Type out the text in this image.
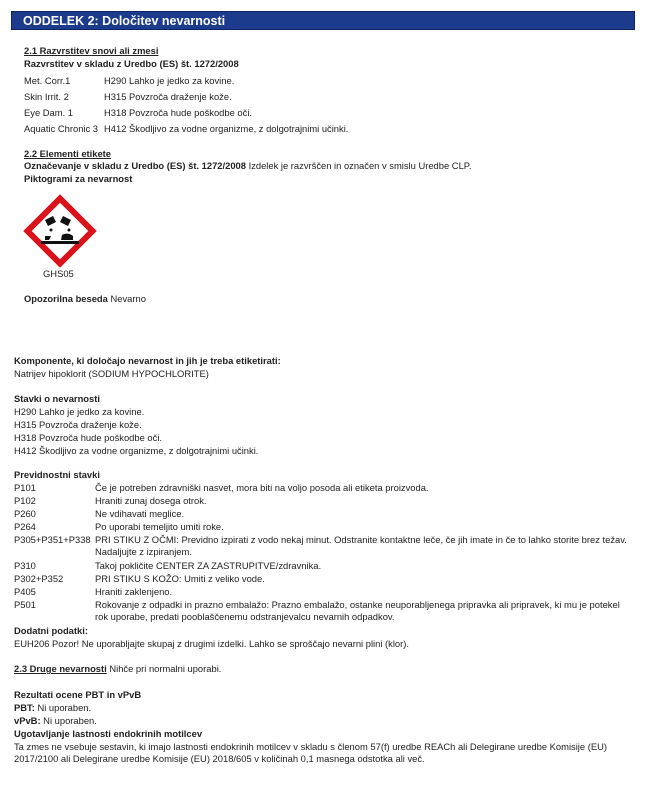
ODDELEK 2: Določitev nevarnosti
2.1 Razvrstitev snovi ali zmesi
Razvrstitev v skladu z Uredbo (ES) št. 1272/2008
Met. Corr.1	H290 Lahko je jedko za kovine.
Skin Irrit. 2	H315 Povzroča draženje kože.
Eye Dam. 1	H318 Povzroča hude poškodbe oči.
Aquatic Chronic 3 H412 Škodljivo za vodne organizme, z dolgotrajnimi učinki.
2.2 Elementi etikete
Označevanje v skladu z Uredbo (ES) št. 1272/2008 Izdelek je razvrščen in označen v smislu Uredbe CLP.
Piktogrami za nevarnost
GHS05
Opozorilna beseda Nevarno
Komponente, ki določajo nevarnost in jih je treba etiketirati:
Natrijev hipoklorit (SODIUM HYPOCHLORITE)
Stavki o nevarnosti
H290 Lahko je jedko za kovine.
H315 Povzroča draženje kože.
H318 Povzroča hude poškodbe oči.
H412 Škodljivo za vodne organizme, z dolgotrajnimi učinki.
Previdnostni stavki
P101	Če je potreben zdravniški nasvet, mora biti na voljo posoda ali etiketa proizvoda.
P102	Hraniti zunaj dosega otrok.
P260	Ne vdihavati meglice.
P264	Po uporabi temeljito umiti roke.
P305+P351+P338 PRI STIKU Z OČMI: Previdno izpirati z vodo nekaj minut. Odstranite kontaktne leče, če jih imate in če to lahko storite brez težav. Nadaljujte z izpiranjem.
P310	Takoj pokličite CENTER ZA ZASTRUPITVE/zdravnika.
P302+P352	PRI STIKU S KOŽO: Umiti z veliko vode.
P405	Hraniti zaklenjeno.
P501	Rokovanje z odpadki in prazno embalažo: Prazno embalažo, ostanke neuporabljenega pripravka ali pripravek, ki mu je potekel rok uporabe, predati pooblaščenemu odstranjevalcu nevarnih odpadkov.
Dodatni podatki:
EUH206 Pozor! Ne uporabljajte skupaj z drugimi izdelki. Lahko se sproščajo nevarni plini (klor).
2.3 Druge nevarnosti Nihče pri normalni uporabi.
Rezultati ocene PBT in vPvB
PBT: Ni uporaben.
vPvB: Ni uporaben.
Ugotavljanje lastnosti endokrinih motilcev
Ta zmes ne vsebuje sestavin, ki imajo lastnosti endokrinih motilcev v skladu s členom 57(f) uredbe REACh ali Delegirane uredbe Komisije (EU) 2017/2100 ali Delegirane uredbe Komisije (EU) 2018/605 v količinah 0,1 masnega odstotka ali več.
